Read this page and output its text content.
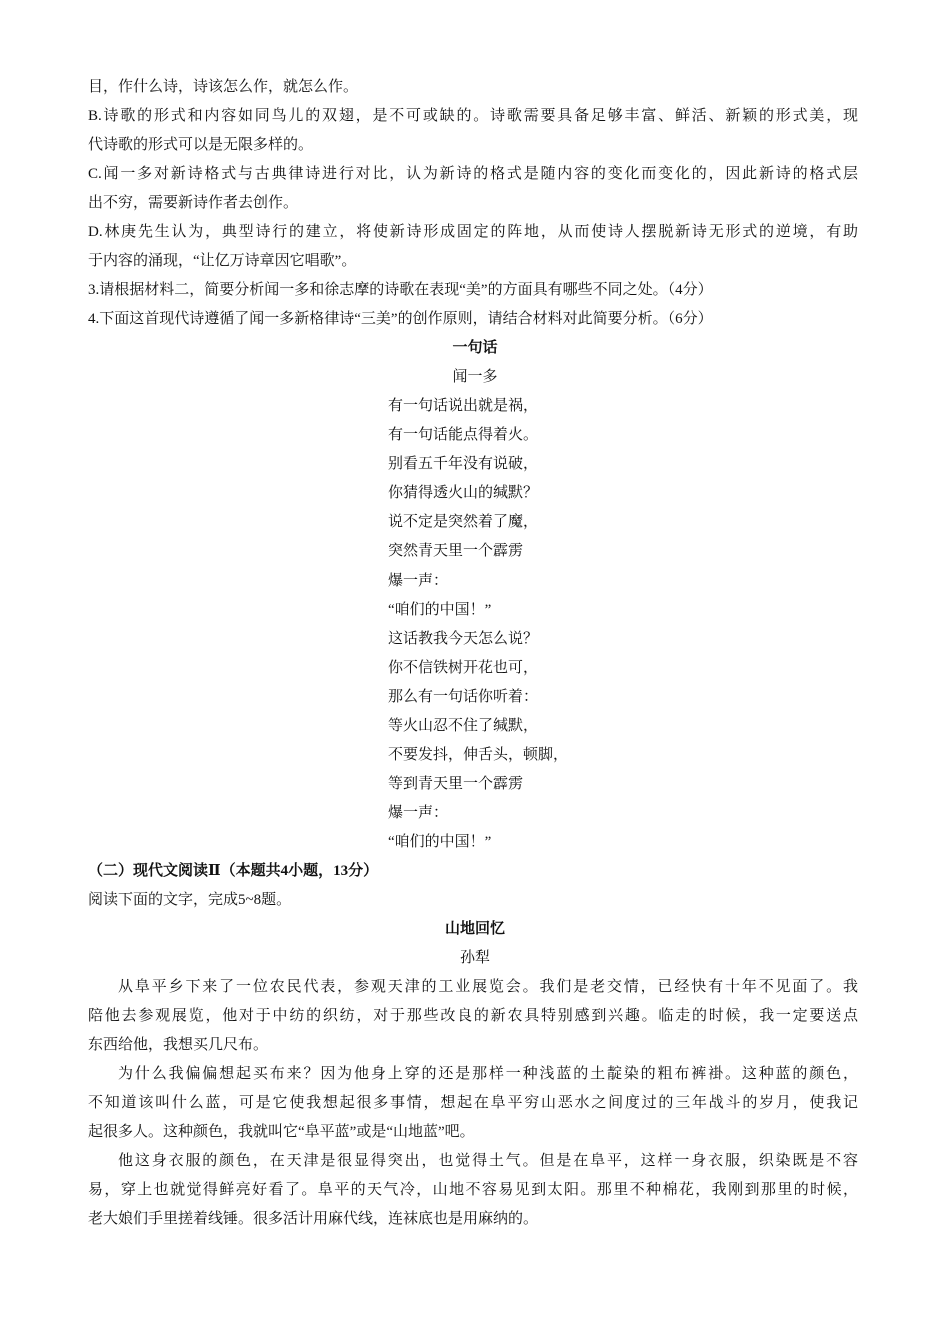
目，作什么诗，诗该怎么作，就怎么作。
B.诗歌的形式和内容如同鸟儿的双翅，是不可或缺的。诗歌需要具备足够丰富、鲜活、新颖的形式美，现
代诗歌的形式可以是无限多样的。
C.闻一多对新诗格式与古典律诗进行对比，认为新诗的格式是随内容的变化而变化的，因此新诗的格式层
出不穷，需要新诗作者去创作。
D.林庚先生认为，典型诗行的建立，将使新诗形成固定的阵地，从而使诗人摆脱新诗无形式的逆境，有助
于内容的涌现，“让亿万诗章因它唱歌”。
3.请根据材料二，简要分析闻一多和徐志摩的诗歌在表现“美”的方面具有哪些不同之处。（4分）
4.下面这首现代诗遵循了闻一多新格律诗“三美”的创作原则，请结合材料对此简要分析。（6分）
一句话
闻一多
有一句话说出就是祸，
有一句话能点得着火。
别看五千年没有说破，
你猜得透火山的缄默？
说不定是突然着了魔，
突然青天里一个霹雳
爆一声：
“咱们的中国！”
这话教我今天怎么说？
你不信铁树开花也可，
那么有一句话你听着：
等火山忍不住了缄默，
不要发抖，伸舌头，顿脚，
等到青天里一个霹雳
爆一声：
“咱们的中国！”
（二）现代文阅读Ⅱ（本题共4小题，13分）
阅读下面的文字，完成5~8题。
山地回忆
孙犁
从阜平乡下来了一位农民代表，参观天津的工业展览会。我们是老交情，已经快有十年不见面了。我
陪他去参观展览，他对于中纺的织纺，对于那些改良的新农具特别感到兴趣。临走的时候，我一定要送点
东西给他，我想买几尺布。
为什么我偏偏想起买布来？因为他身上穿的还是那样一种浅蓝的土靛染的粗布裤褂。这种蓝的颜色，
不知道该叫什么蓝，可是它使我想起很多事情，想起在阜平穷山恶水之间度过的三年战斗的岁月，使我记
起很多人。这种颜色，我就叫它“阜平蓝”或是“山地蓝”吧。
他这身衣服的颜色，在天津是很显得突出，也觉得土气。但是在阜平，这样一身衣服，织染既是不容
易，穿上也就觉得鲜亮好看了。阜平的天气冷，山地不容易见到太阳。那里不种棉花，我刚到那里的时候，
老大娘们手里搓着线锤。很多活计用麻代线，连袜底也是用麻纳的。
